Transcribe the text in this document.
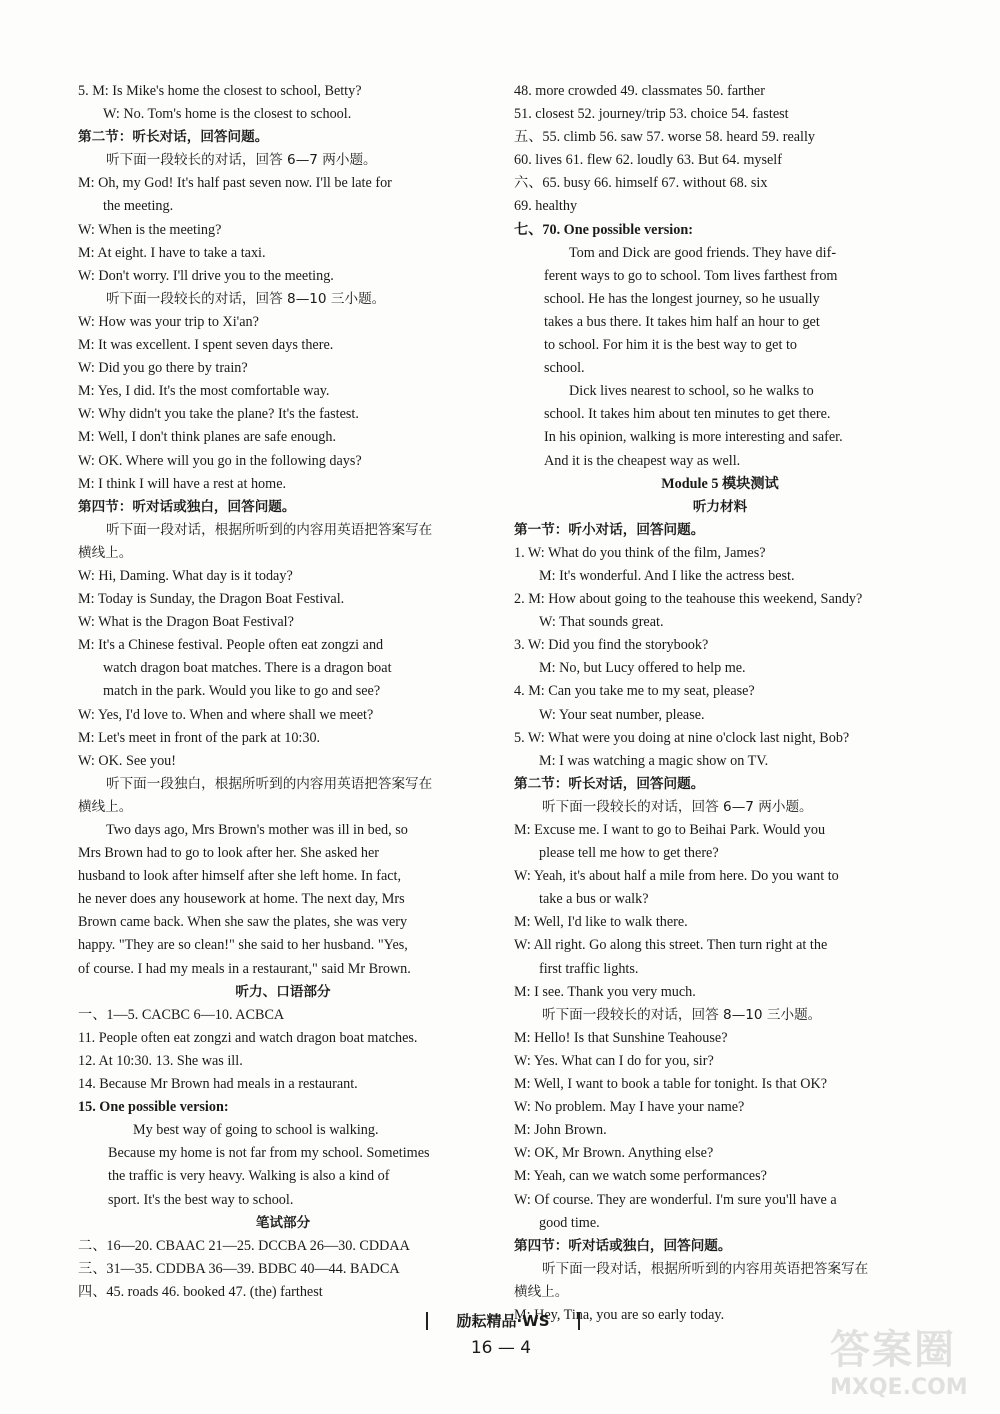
5. M: Is Mike's home the closest to school, Betty?
W: No. Tom's home is the closest to school.
第二节：听长对话，回答问题。
听下面一段较长的对话，回答 6—7 两小题。
M: Oh, my God! It's half past seven now. I'll be late for
the meeting.
W: When is the meeting?
M: At eight. I have to take a taxi.
W: Don't worry. I'll drive you to the meeting.
听下面一段较长的对话，回答 8—10 三小题。
W: How was your trip to Xi'an?
M: It was excellent. I spent seven days there.
W: Did you go there by train?
M: Yes, I did. It's the most comfortable way.
W: Why didn't you take the plane? It's the fastest.
M: Well, I don't think planes are safe enough.
W: OK. Where will you go in the following days?
M: I think I will have a rest at home.
第四节：听对话或独白，回答问题。
听下面一段对话，根据所听到的内容用英语把答案写在
横线上。
W: Hi, Daming. What day is it today?
M: Today is Sunday, the Dragon Boat Festival.
W: What is the Dragon Boat Festival?
M: It's a Chinese festival. People often eat zongzi and
watch dragon boat matches. There is a dragon boat
match in the park. Would you like to go and see?
W: Yes, I'd love to. When and where shall we meet?
M: Let's meet in front of the park at 10:30.
W: OK. See you!
听下面一段独白，根据所听到的内容用英语把答案写在
横线上。
Two days ago, Mrs Brown's mother was ill in bed, so
Mrs Brown had to go to look after her. She asked her
husband to look after himself after she left home. In fact,
he never does any housework at home. The next day, Mrs
Brown came back. When she saw the plates, she was very
happy. "They are so clean!" she said to her husband. "Yes,
of course. I had my meals in a restaurant," said Mr Brown.
听力、口语部分
一、1—5. CACBC 6—10. ACBCA
11. People often eat zongzi and watch dragon boat matches.
12. At 10:30. 13. She was ill.
14. Because Mr Brown had meals in a restaurant.
15. One possible version:
My best way of going to school is walking.
Because my home is not far from my school. Sometimes
the traffic is very heavy. Walking is also a kind of
sport. It's the best way to school.
笔试部分
二、16—20. CBAAC 21—25. DCCBA 26—30. CDDAA
三、31—35. CDDBA 36—39. BDBC 40—44. BADCA
四、45. roads 46. booked 47. (the) farthest
48. more crowded 49. classmates 50. farther
51. closest 52. journey/trip 53. choice 54. fastest
五、55. climb 56. saw 57. worse 58. heard 59. really
60. lives 61. flew 62. loudly 63. But 64. myself
六、65. busy 66. himself 67. without 68. six
69. healthy
七、70. One possible version:
Tom and Dick are good friends. They have dif-
ferent ways to go to school. Tom lives farthest from
school. He has the longest journey, so he usually
takes a bus there. It takes him half an hour to get
to school. For him it is the best way to get to
school.
Dick lives nearest to school, so he walks to
school. It takes him about ten minutes to get there.
In his opinion, walking is more interesting and safer.
And it is the cheapest way as well.
Module 5 模块测试
听力材料
第一节：听小对话，回答问题。
1. W: What do you think of the film, James?
M: It's wonderful. And I like the actress best.
2. M: How about going to the teahouse this weekend, Sandy?
W: That sounds great.
3. W: Did you find the storybook?
M: No, but Lucy offered to help me.
4. M: Can you take me to my seat, please?
W: Your seat number, please.
5. W: What were you doing at nine o'clock last night, Bob?
M: I was watching a magic show on TV.
第二节：听长对话，回答问题。
听下面一段较长的对话，回答 6—7 两小题。
M: Excuse me. I want to go to Beihai Park. Would you
please tell me how to get there?
W: Yeah, it's about half a mile from here. Do you want to
take a bus or walk?
M: Well, I'd like to walk there.
W: All right. Go along this street. Then turn right at the
first traffic lights.
M: I see. Thank you very much.
听下面一段较长的对话，回答 8—10 三小题。
M: Hello! Is that Sunshine Teahouse?
W: Yes. What can I do for you, sir?
M: Well, I want to book a table for tonight. Is that OK?
W: No problem. May I have your name?
M: John Brown.
W: OK, Mr Brown. Anything else?
M: Yeah, can we watch some performances?
W: Of course. They are wonderful. I'm sure you'll have a
good time.
第四节：听对话或独白，回答问题。
听下面一段对话，根据所听到的内容用英语把答案写在
横线上。
M: Hey, Tina, you are so early today.
励耘精品·WS
16 — 4	答案圈
MXQE.COM
